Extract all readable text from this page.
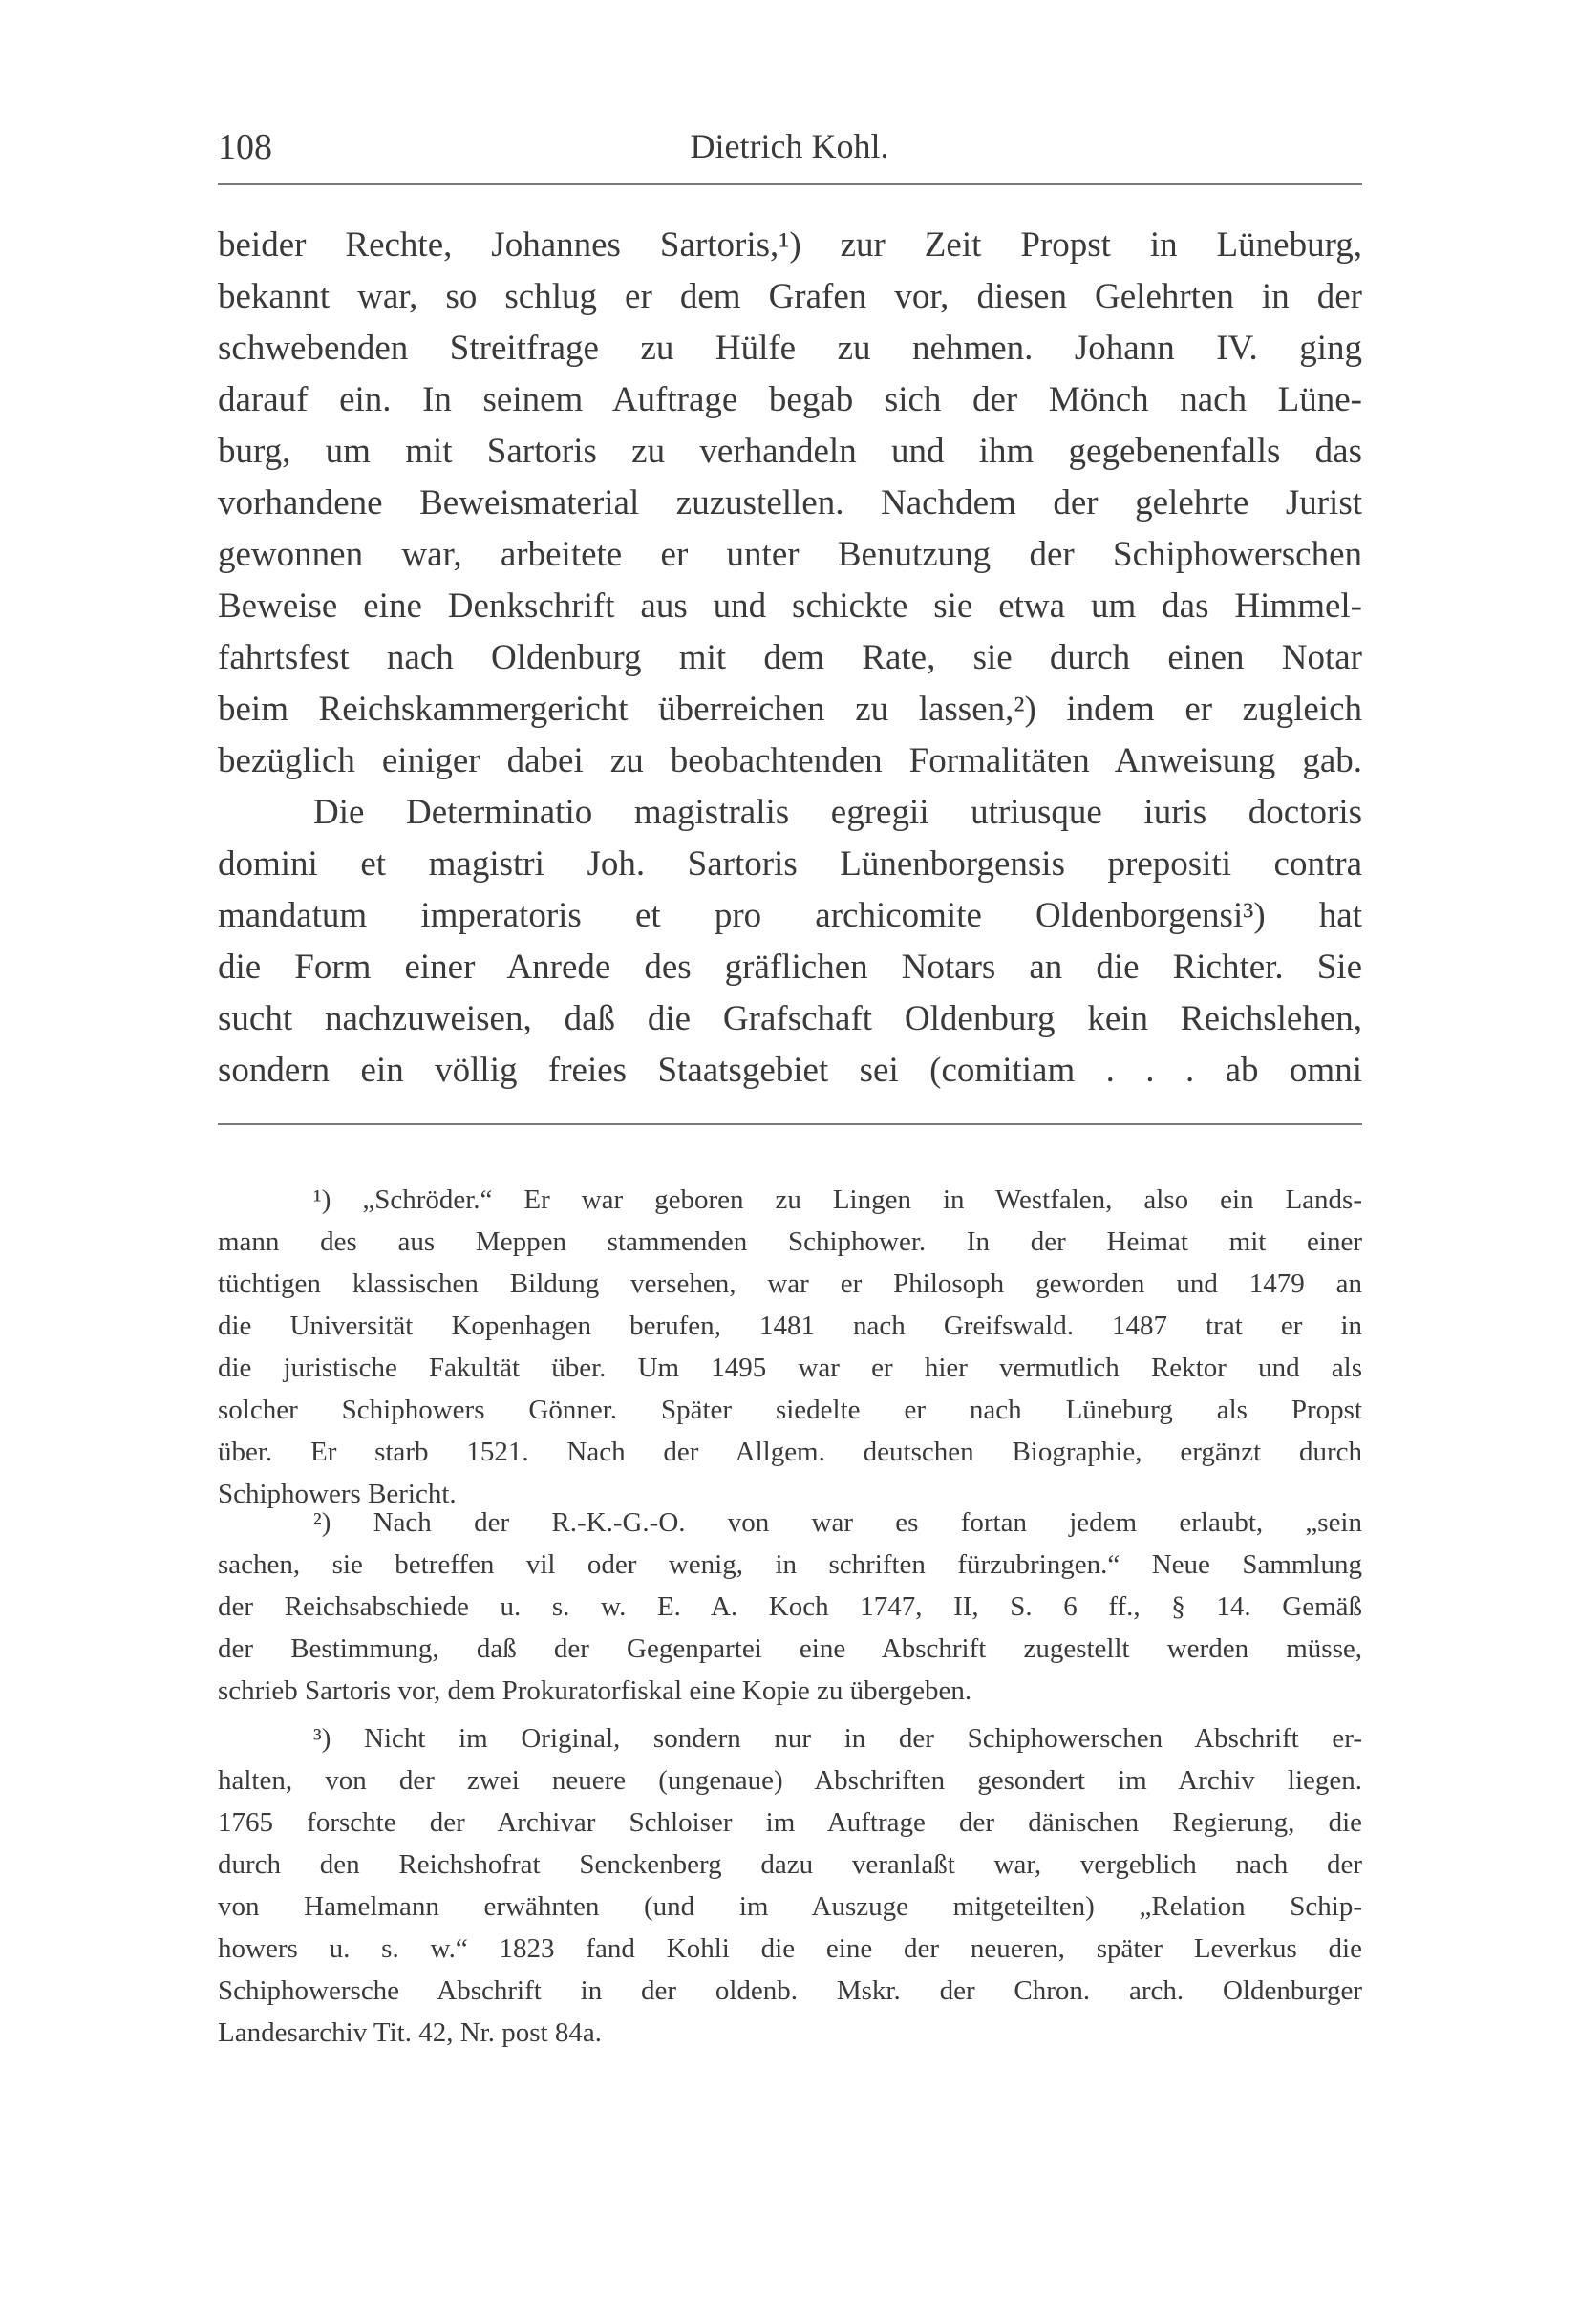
108	Dietrich Kohl.
beider Rechte, Johannes Sartoris,¹) zur Zeit Propst in Lüneburg,
bekannt war, so schlug er dem Grafen vor, diesen Gelehrten in der
schwebenden Streitfrage zu Hülfe zu nehmen. Johann IV. ging
darauf ein. In seinem Auftrage begab sich der Mönch nach Lüne-
burg, um mit Sartoris zu verhandeln und ihm gegebenenfalls das
vorhandene Beweismaterial zuzustellen. Nachdem der gelehrte Jurist
gewonnen war, arbeitete er unter Benutzung der Schiphowerschen
Beweise eine Denkschrift aus und schickte sie etwa um das Himmel-
fahrtsfest nach Oldenburg mit dem Rate, sie durch einen Notar
beim Reichskammergericht überreichen zu lassen,²) indem er zugleich
bezüglich einiger dabei zu beobachtenden Formalitäten Anweisung gab.
Die Determinatio magistralis egregii utriusque iuris doctoris
domini et magistri Joh. Sartoris Lünenborgensis prepositi contra
mandatum imperatoris et pro archicomite Oldenborgensi³) hat
die Form einer Anrede des gräflichen Notars an die Richter. Sie
sucht nachzuweisen, daß die Grafschaft Oldenburg kein Reichslehen,
sondern ein völlig freies Staatsgebiet sei (comitiam . . . ab omni
¹) „Schröder.“ Er war geboren zu Lingen in Westfalen, also ein Lands-
mann des aus Meppen stammenden Schiphower. In der Heimat mit einer
tüchtigen klassischen Bildung versehen, war er Philosoph geworden und 1479 an
die Universität Kopenhagen berufen, 1481 nach Greifswald. 1487 trat er in
die juristische Fakultät über. Um 1495 war er hier vermutlich Rektor und als
solcher Schiphowers Gönner. Später siedelte er nach Lüneburg als Propst
über. Er starb 1521. Nach der Allgem. deutschen Biographie, ergänzt durch
Schiphowers Bericht.
²) Nach der R.-K.-G.-O. von war es fortan jedem erlaubt, „sein
sachen, sie betreffen vil oder wenig, in schriften fürzubringen.“ Neue Sammlung
der Reichsabschiede u. s. w. E. A. Koch 1747, II, S. 6 ff., § 14. Gemäß
der Bestimmung, daß der Gegenpartei eine Abschrift zugestellt werden müsse,
schrieb Sartoris vor, dem Prokuratorfiskal eine Kopie zu übergeben.
³) Nicht im Original, sondern nur in der Schiphowerschen Abschrift er-
halten, von der zwei neuere (ungenaue) Abschriften gesondert im Archiv liegen.
1765 forschte der Archivar Schloiser im Auftrage der dänischen Regierung, die
durch den Reichshofrat Senckenberg dazu veranlaßt war, vergeblich nach der
von Hamelmann erwähnten (und im Auszuge mitgeteilten) „Relation Schip-
howers u. s. w.“ 1823 fand Kohli die eine der neueren, später Leverkus die
Schiphowersche Abschrift in der oldenb. Mskr. der Chron. arch. Oldenburger
Landesarchiv Tit. 42, Nr. post 84a.
